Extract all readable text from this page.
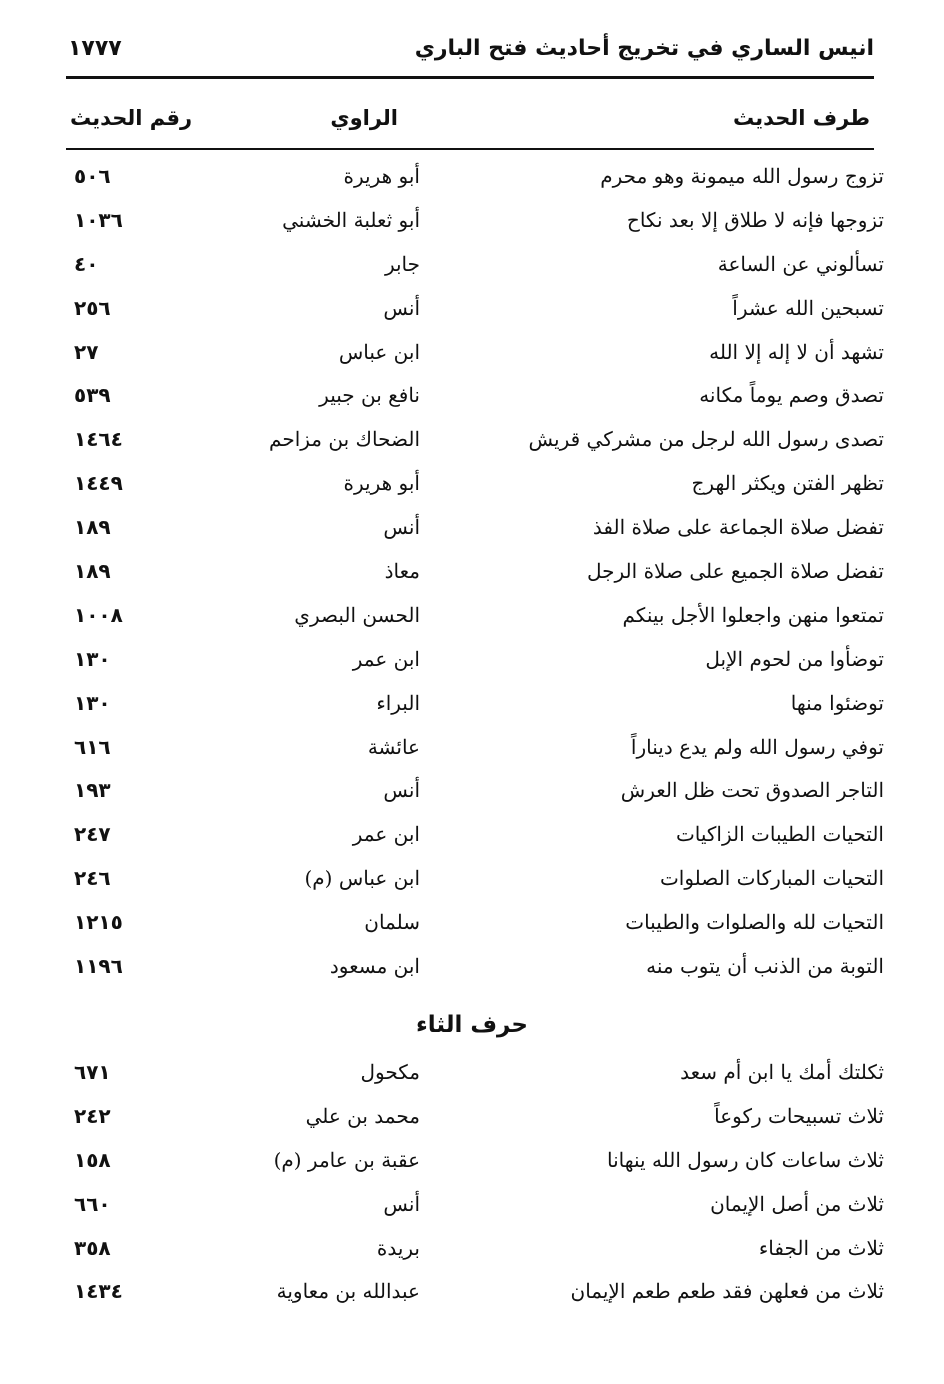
انيس الساري في تخريج أحاديث فتح الباري
١٧٧٧
طرف الحديث
الراوي
رقم الحديث
تزوج رسول الله ميمونة وهو محرم
أبو هريرة
٥٠٦
تزوجها فإنه لا طلاق إلا بعد نكاح
أبو ثعلبة الخشني
١٠٣٦
تسألوني عن الساعة
جابر
٤٠
تسبحين الله عشراً
أنس
٢٥٦
تشهد أن لا إله إلا الله
ابن عباس
٢٧
تصدق وصم يوماً مكانه
نافع بن جبير
٥٣٩
تصدى رسول الله لرجل من مشركي قريش
الضحاك بن مزاحم
١٤٦٤
تظهر الفتن ويكثر الهرج
أبو هريرة
١٤٤٩
تفضل صلاة الجماعة على صلاة الفذ
أنس
١٨٩
تفضل صلاة الجميع على صلاة الرجل
معاذ
١٨٩
تمتعوا منهن واجعلوا الأجل بينكم
الحسن البصري
١٠٠٨
توضأوا من لحوم الإبل
ابن عمر
١٣٠
توضئوا منها
البراء
١٣٠
توفي رسول الله ولم يدع ديناراً
عائشة
٦١٦
التاجر الصدوق تحت ظل العرش
أنس
١٩٣
التحيات الطيبات الزاكيات
ابن عمر
٢٤٧
التحيات المباركات الصلوات
ابن عباس (م)
٢٤٦
التحيات لله والصلوات والطيبات
سلمان
١٢١٥
التوبة من الذنب أن يتوب منه
ابن مسعود
١١٩٦
حرف الثاء
ثكلتك أمك يا ابن أم سعد
مكحول
٦٧١
ثلاث تسبيحات ركوعاً
محمد بن علي
٢٤٢
ثلاث ساعات كان رسول الله ينهانا
عقبة بن عامر (م)
١٥٨
ثلاث من أصل الإيمان
أنس
٦٦٠
ثلاث من الجفاء
بريدة
٣٥٨
ثلاث من فعلهن فقد طعم طعم الإيمان
عبدالله بن معاوية
١٤٣٤
